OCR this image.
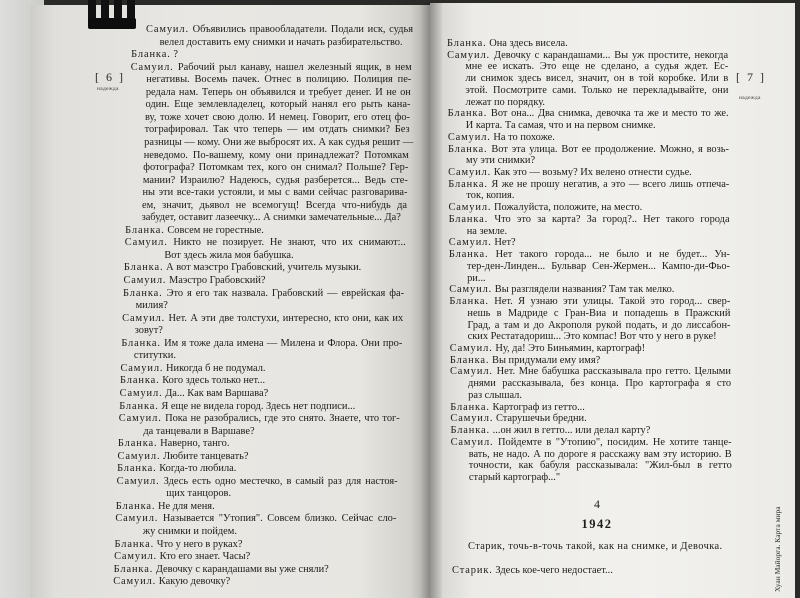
[ 6 ]
надежда
[ 7 ]
надежда
Самуил. Объявились правообладатели. Подали иск, судья
велел доставить ему снимки и начать разбирательство.
Бланка. ?
Самуил. Рабочий рыл канаву, нашел железный ящик, в нем
негативы. Восемь пачек. Отнес в полицию. Полиция пе-
редала нам. Теперь он объявился и требует денег. И не он
один. Еще землевладелец, который нанял его рыть кана-
ву, тоже хочет свою долю. И немец. Говорит, его отец фо-
тографировал. Так что теперь — им отдать снимки? Без
разницы — кому. Они же выбросят их. А как судья решит —
неведомо. По-вашему, кому они принадлежат? Потомкам
фотографа? Потомкам тех, кого он снимал? Польше? Гер-
мании? Израилю? Надеюсь, судья разберется... Ведь сте-
ны эти все-таки устояли, и мы с вами сейчас разговарива-
ем, значит, дьявол не всемогущ! Всегда что-нибудь да
забудет, оставит лазеечку... А снимки замечательные... Да?
Бланка. Совсем не горестные.
Самуил. Никто не позирует. Не знают, что их снимают:..
Вот здесь жила моя бабушка.
Бланка. А вот маэстро Грабовский, учитель музыки.
Самуил. Маэстро Грабовский?
Бланка. Это я его так назвала. Грабовский — еврейская фа-
милия?
Самуил. Нет. А эти две толстухи, интересно, кто они, как их
зовут?
Бланка. Им я тоже дала имена — Милена и Флора. Они про-
ститутки.
Самуил. Никогда б не подумал.
Бланка. Кого здесь только нет...
Самуил. Да... Как вам Варшава?
Бланка. Я еще не видела город. Здесь нет подписи...
Самуил. Пока не разобрались, где это снято. Знаете, что тог-
да танцевали в Варшаве?
Бланка. Наверно, танго.
Самуил. Любите танцевать?
Бланка. Когда-то любила.
Самуил. Здесь есть одно местечко, в самый раз для настоя-
щих танцоров.
Бланка. Не для меня.
Самуил. Называется "Утопия". Совсем близко. Сейчас сло-
жу снимки и пойдем.
Бланка. Что у него в руках?
Самуил. Кто его знает. Часы?
Бланка. Девочку с карандашами вы уже сняли?
Самуил. Какую девочку?
Бланка. Она здесь висела.
Самуил. Девочку с карандашами... Вы уж простите, некогда
мне ее искать. Это еще не сделано, а судья ждет. Ес-
ли снимок здесь висел, значит, он в той коробке. Или в
этой. Посмотрите сами. Только не перекладывайте, они
лежат по порядку.
Бланка. Вот она... Два снимка, девочка та же и место то же.
И карта. Та самая, что и на первом снимке.
Самуил. На то похоже.
Бланка. Вот эта улица. Вот ее продолжение. Можно, я возь-
му эти снимки?
Самуил. Как это — возьму? Их велено отнести судье.
Бланка. Я же не прошу негатив, а это — всего лишь отпеча-
ток, копия.
Самуил. Пожалуйста, положите, на место.
Бланка. Что это за карта? За город?.. Нет такого города
на земле.
Самуил. Нет?
Бланка. Нет такого города... не было и не будет... Ун-
тер-ден-Линден... Бульвар Сен-Жермен... Кампо-ди-Фьо-
ри...
Самуил. Вы разглядели названия? Там так мелко.
Бланка. Нет. Я узнаю эти улицы. Такой это город... свер-
нешь в Мадриде с Гран-Виа и попадешь в Пражский
Град, а там и до Акрополя рукой подать, и до лиссабон-
ских Рестатадориш... Это компас! Вот что у него в руке!
Самуил. Ну, да! Это Биньямин, картограф!
Бланка. Вы придумали ему имя?
Самуил. Нет. Мне бабушка рассказывала про гетто. Целыми
днями рассказывала, без конца. Про картографа я сто
раз слышал.
Бланка. Картограф из гетто...
Самуил. Старушечьи бредни.
Бланка. ...он жил в гетто... или делал карту?
Самуил. Пойдемте в "Утопию", посидим. Не хотите танце-
вать, не надо. А по дороге я расскажу вам эту историю. В
точности, как бабуля рассказывала: "Жил-был в гетто
старый картограф..."
4
1942
Старик, точь-в-точь такой, как на снимке, и Девочка.
Старик. Здесь кое-чего недостает...	Хуан Майорга. Карта мира
